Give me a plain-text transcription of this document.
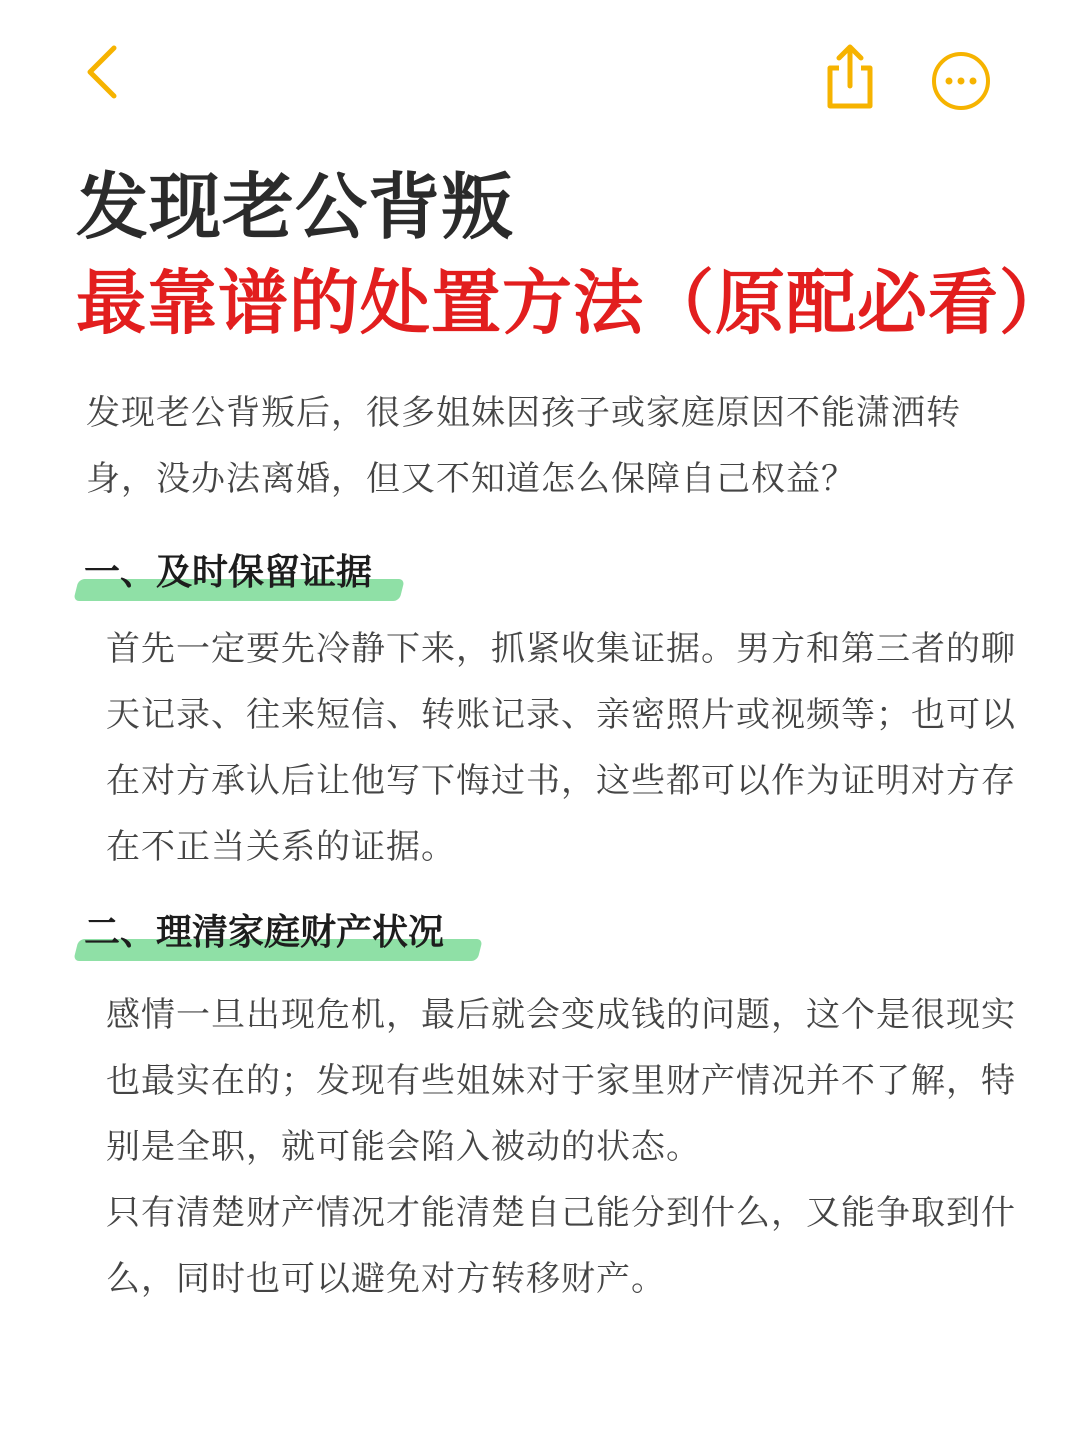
发现老公背叛
最靠谱的处置方法（原配必看）
发现老公背叛后，很多姐妹因孩子或家庭原因不能潇洒转身，没办法离婚，但又不知道怎么保障自己权益？
一、及时保留证据
首先一定要先冷静下来，抓紧收集证据。男方和第三者的聊天记录、往来短信、转账记录、亲密照片或视频等；也可以在对方承认后让他写下悔过书，这些都可以作为证明对方存在不正当关系的证据。
二、理清家庭财产状况
感情一旦出现危机，最后就会变成钱的问题，这个是很现实也最实在的；发现有些姐妹对于家里财产情况并不了解，特别是全职，就可能会陷入被动的状态。
只有清楚财产情况才能清楚自己能分到什么，又能争取到什么，同时也可以避免对方转移财产。
